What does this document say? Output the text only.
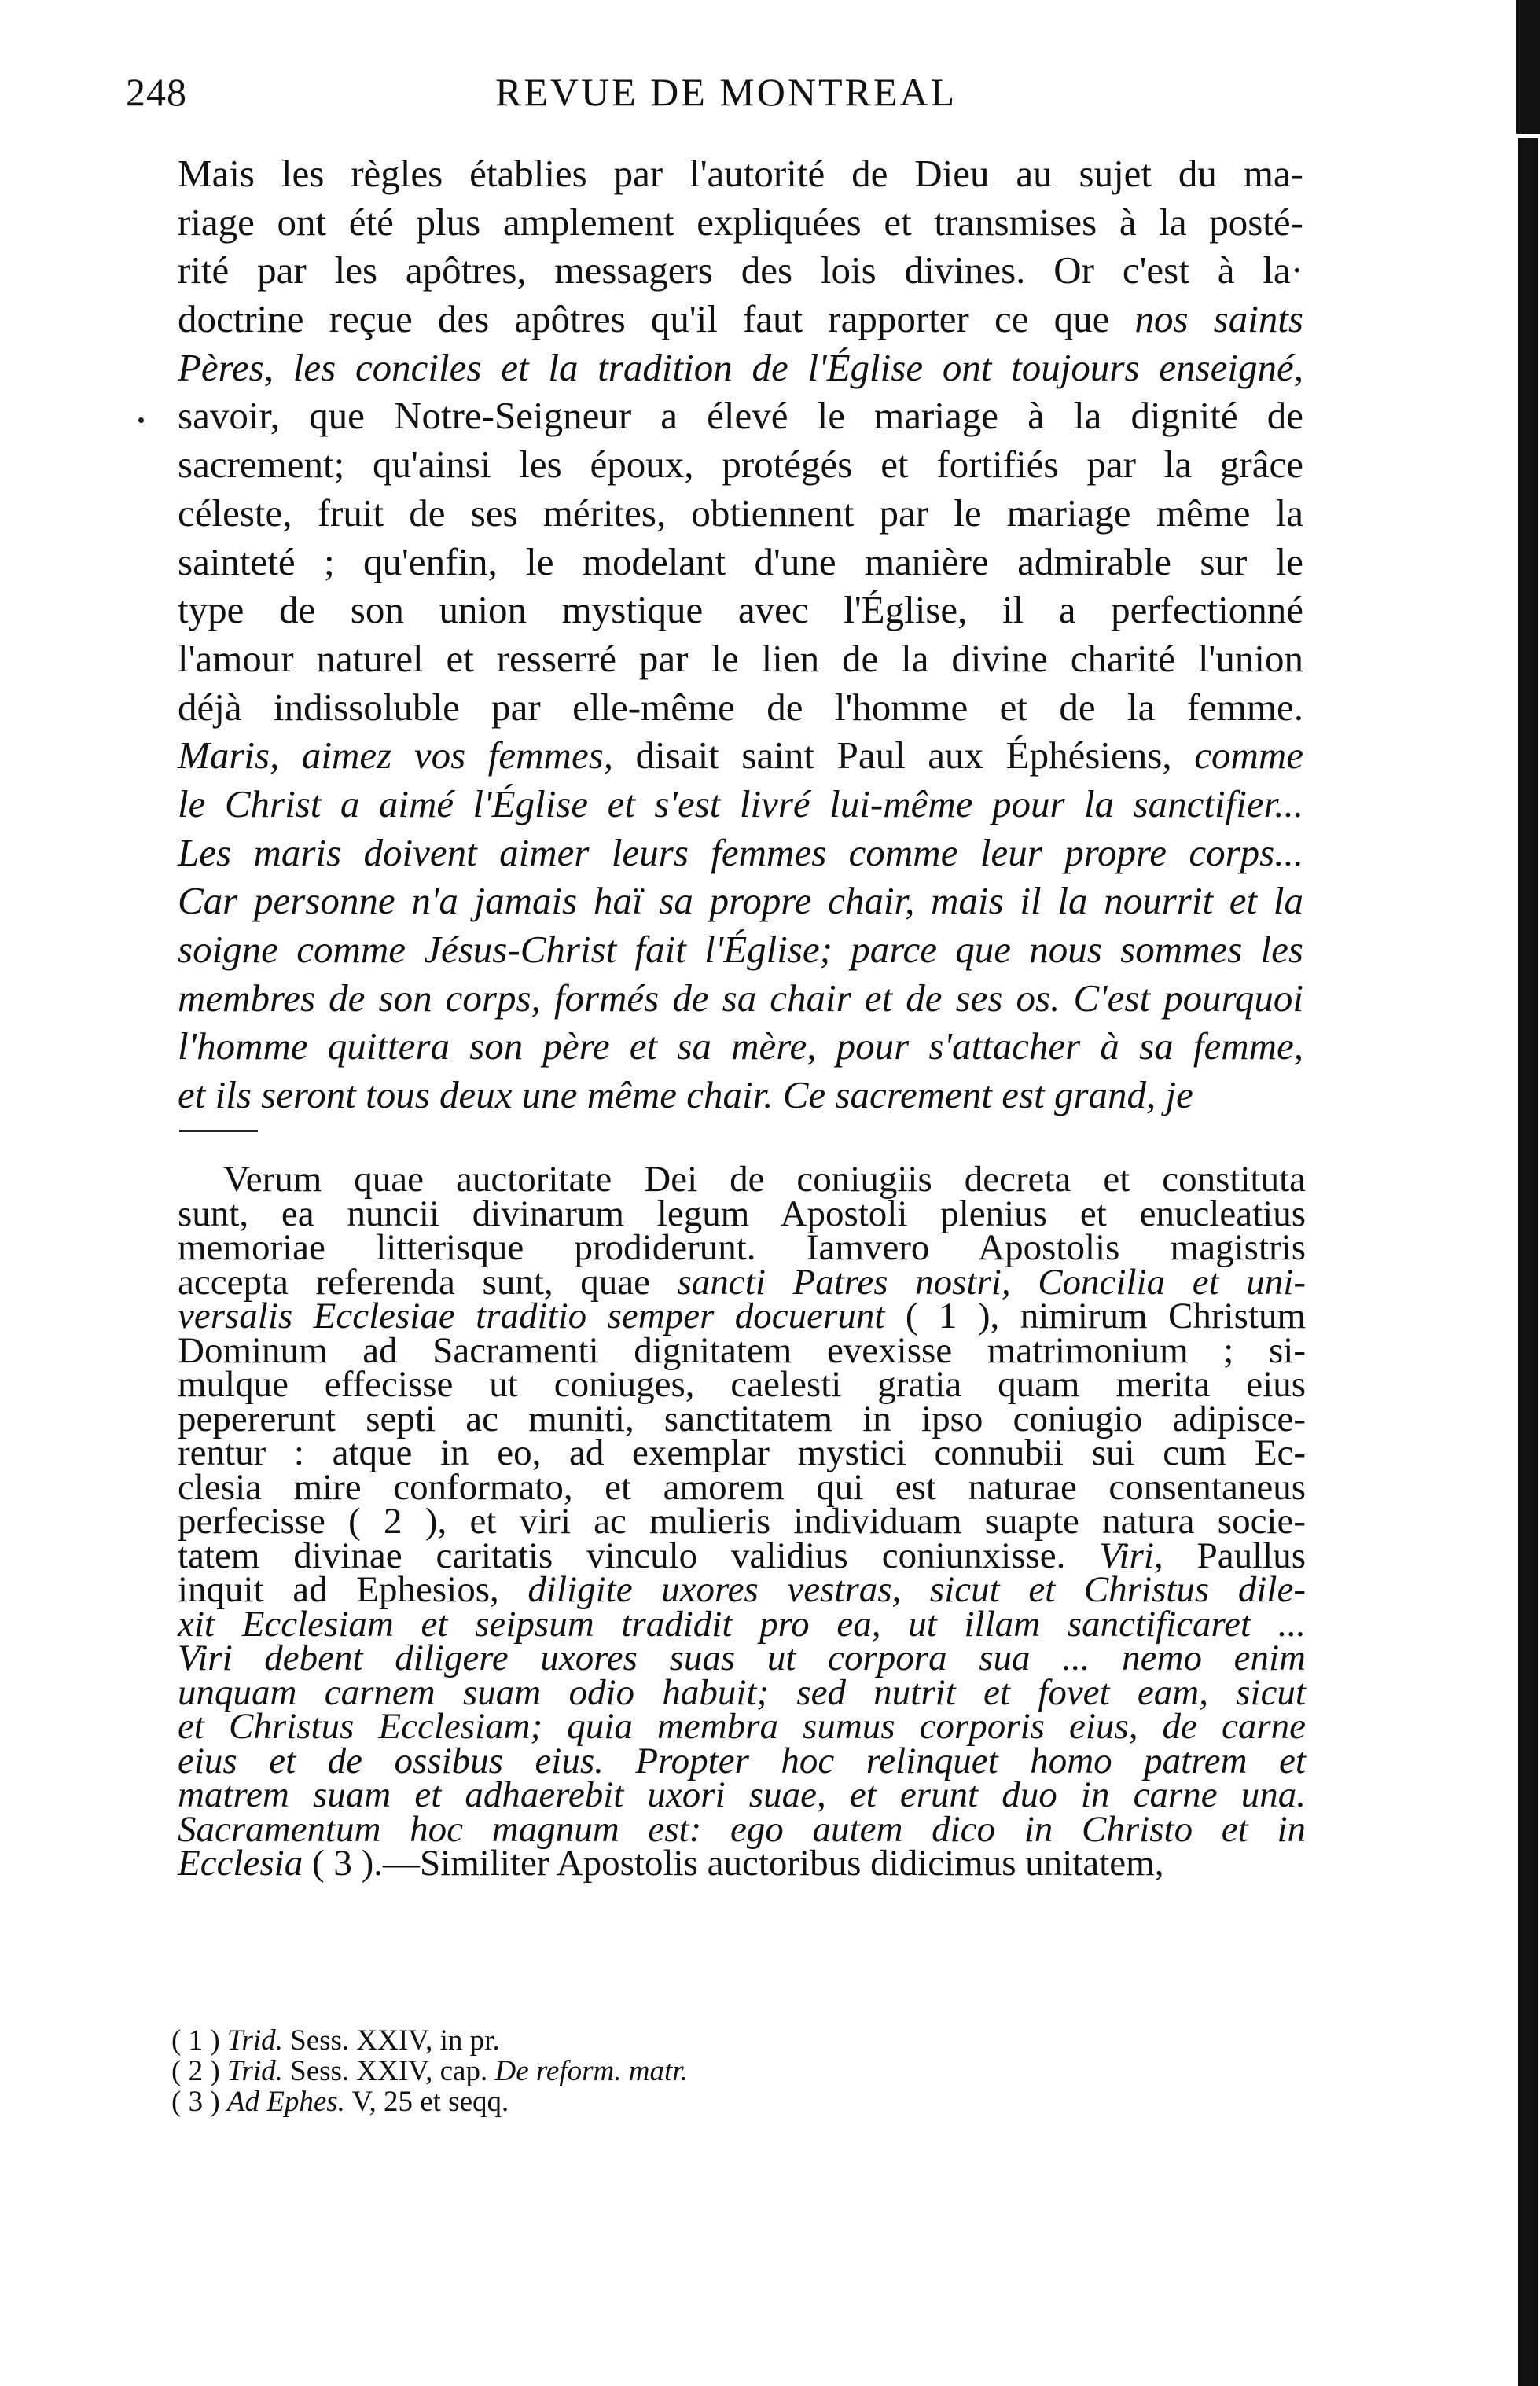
248	REVUE DE MONTREAL
Mais les règles établies par l'autorité de Dieu au sujet du ma-
riage ont été plus amplement expliquées et transmises à la posté-
rité par les apôtres, messagers des lois divines. Or c'est à la·
doctrine reçue des apôtres qu'il faut rapporter ce que nos saints
Pères, les conciles et la tradition de l'Église ont toujours enseigné,
savoir, que Notre-Seigneur a élevé le mariage à la dignité de
sacrement; qu'ainsi les époux, protégés et fortifiés par la grâce
céleste, fruit de ses mérites, obtiennent par le mariage même la
sainteté ; qu'enfin, le modelant d'une manière admirable sur le
type de son union mystique avec l'Église, il a perfectionné
l'amour naturel et resserré par le lien de la divine charité l'union
déjà indissoluble par elle-même de l'homme et de la femme.
Maris, aimez vos femmes, disait saint Paul aux Éphésiens, comme
le Christ a aimé l'Église et s'est livré lui-même pour la sanctifier...
Les maris doivent aimer leurs femmes comme leur propre corps...
Car personne n'a jamais haï sa propre chair, mais il la nourrit et la
soigne comme Jésus-Christ fait l'Église; parce que nous sommes les
membres de son corps, formés de sa chair et de ses os. C'est pourquoi
l'homme quittera son père et sa mère, pour s'attacher à sa femme,
et ils seront tous deux une même chair. Ce sacrement est grand, je
Verum quae auctoritate Dei de coniugiis decreta et constituta
sunt, ea nuncii divinarum legum Apostoli plenius et enucleatius
memoriae litterisque prodiderunt. Iamvero Apostolis magistris
accepta referenda sunt, quae sancti Patres nostri, Concilia et uni-
versalis Ecclesiae traditio semper docuerunt ( 1 ), nimirum Christum
Dominum ad Sacramenti dignitatem evexisse matrimonium ; si-
mulque effecisse ut coniuges, caelesti gratia quam merita eius
pepererunt septi ac muniti, sanctitatem in ipso coniugio adipisce-
rentur : atque in eo, ad exemplar mystici connubii sui cum Ec-
clesia mire conformato, et amorem qui est naturae consentaneus
perfecisse ( 2 ), et viri ac mulieris individuam suapte natura socie-
tatem divinae caritatis vinculo validius coniunxisse. Viri, Paullus
inquit ad Ephesios, diligite uxores vestras, sicut et Christus dile-
xit Ecclesiam et seipsum tradidit pro ea, ut illam sanctificaret ...
Viri debent diligere uxores suas ut corpora sua ... nemo enim
unquam carnem suam odio habuit; sed nutrit et fovet eam, sicut
et Christus Ecclesiam; quia membra sumus corporis eius, de carne
eius et de ossibus eius. Propter hoc relinquet homo patrem et
matrem suam et adhaerebit uxori suae, et erunt duo in carne una.
Sacramentum hoc magnum est: ego autem dico in Christo et in
Ecclesia ( 3 ).—Similiter Apostolis auctoribus didicimus unitatem,
( 1 ) Trid. Sess. XXIV, in pr.
( 2 ) Trid. Sess. XXIV, cap. De reform. matr.
( 3 ) Ad Ephes. V, 25 et seqq.
